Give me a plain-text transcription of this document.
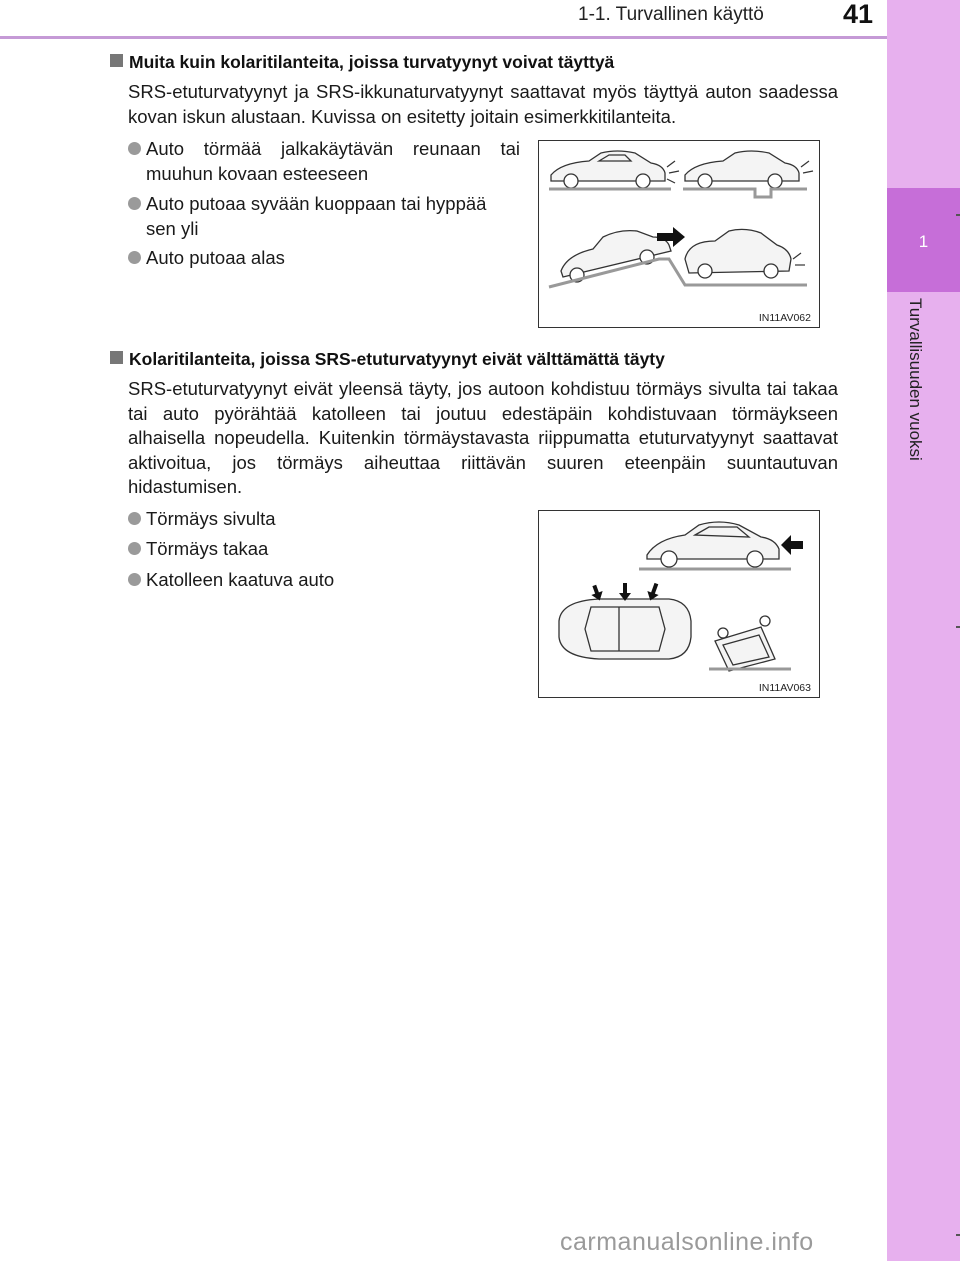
1-1. Turvallinen käyttö	41
1
Turvallisuuden vuoksi
Muita kuin kolaritilanteita, joissa turvatyynyt voivat täyttyä
SRS-etuturvatyynyt ja SRS-ikkunaturvatyynyt saattavat myös täyttyä auton saadessa kovan iskun alustaan. Kuvissa on esitetty joitain esimerkkitilanteita.
Auto törmää jalkakäytävän reunaan tai muuhun kovaan esteeseen
Auto putoaa syvään kuoppaan tai hyppää sen yli
Auto putoaa alas
IN11AV062
Kolaritilanteita, joissa SRS-etuturvatyynyt eivät välttämättä täyty
SRS-etuturvatyynyt eivät yleensä täyty, jos autoon kohdistuu törmäys sivulta tai takaa tai auto pyörähtää katolleen tai joutuu edestäpäin kohdistuvaan törmäykseen alhaisella nopeudella. Kuitenkin törmäystavasta riippumatta etuturvatyynyt saattavat aktivoitua, jos törmäys aiheuttaa riittävän suuren eteenpäin suuntautuvan hidastumisen.
Törmäys sivulta
Törmäys takaa
Katolleen kaatuva auto
IN11AV063
carmanualsonline.info
